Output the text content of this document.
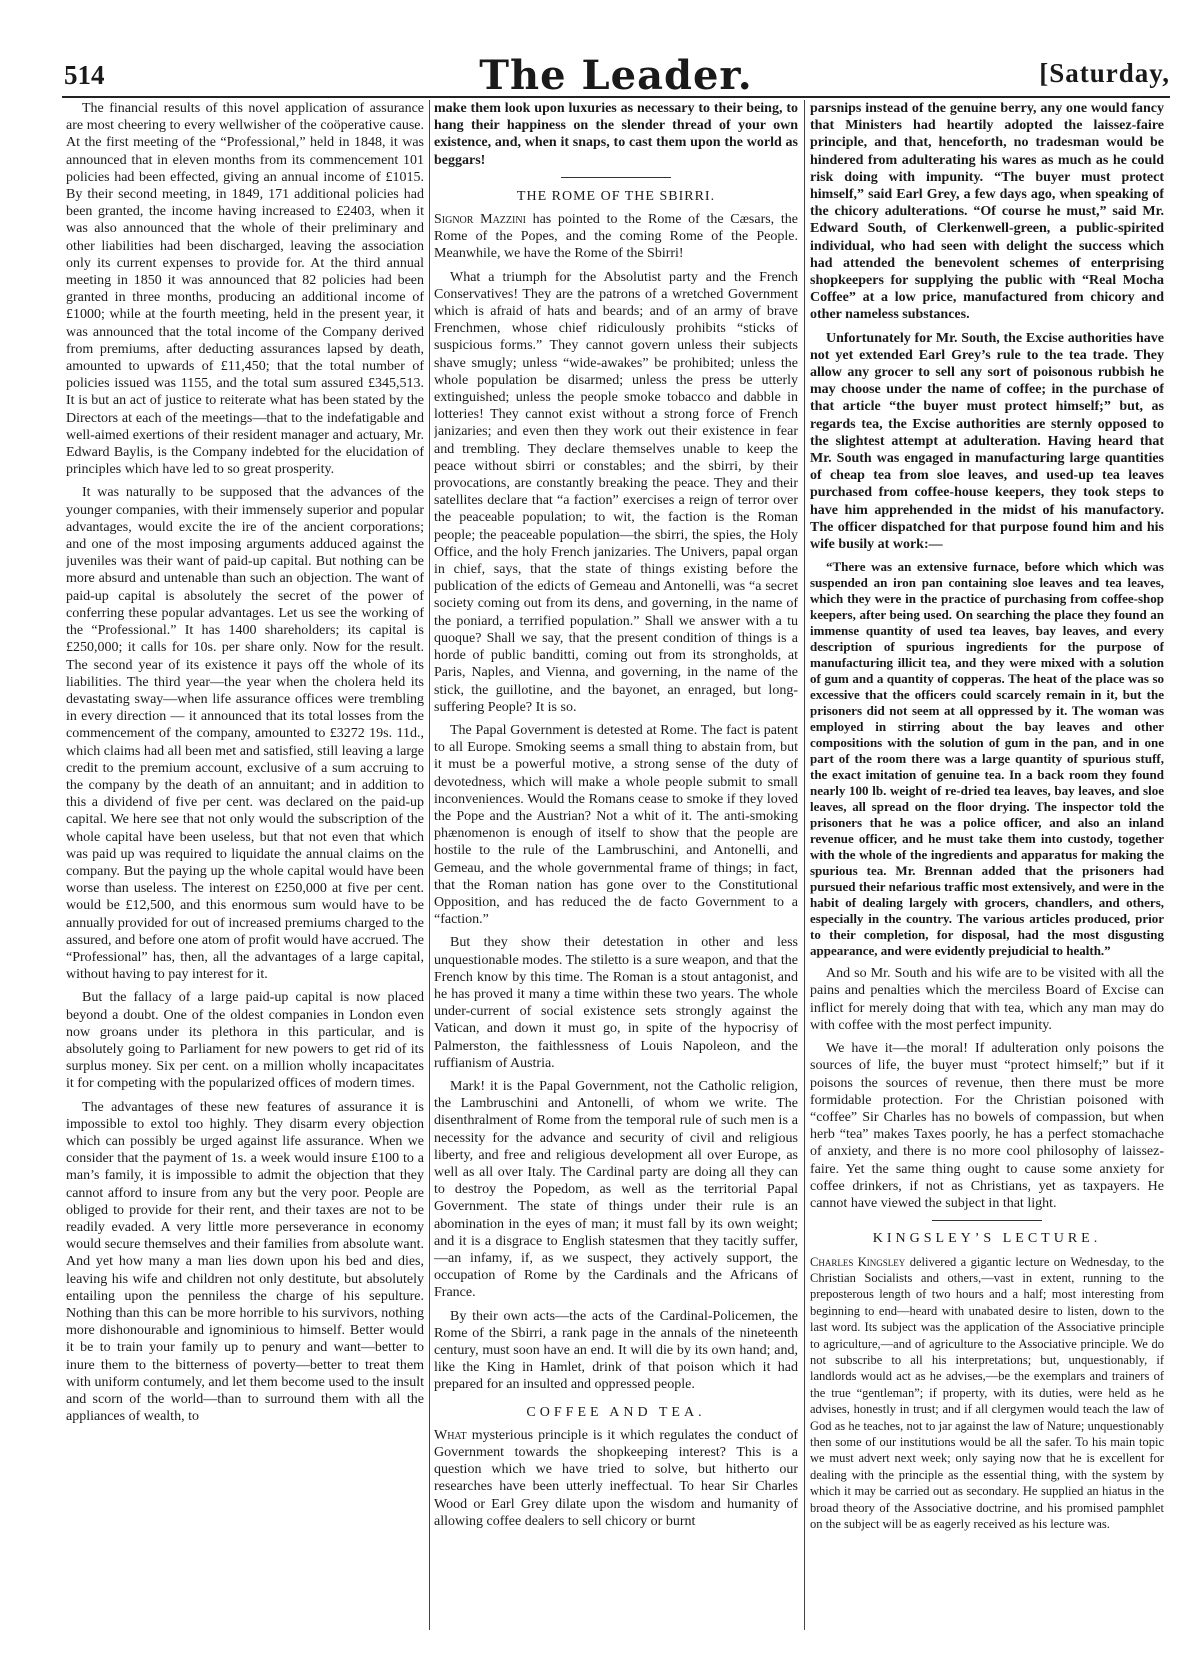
514	The Leader.	[Saturday,

The financial results of this novel application of assurance are most cheering to every wellwisher of the coöperative cause. At the first meeting of the “Professional,” held in 1848, it was announced that in eleven months from its commencement 101 policies had been effected, giving an annual income of £1015. By their second meeting, in 1849, 171 additional policies had been granted, the income having increased to £2403, when it was also announced that the whole of their preliminary and other liabilities had been discharged, leaving the association only its current expenses to provide for. At the third annual meeting in 1850 it was announced that 82 policies had been granted in three months, producing an additional income of £1000; while at the fourth meeting, held in the present year, it was announced that the total income of the Company derived from premiums, after deducting assurances lapsed by death, amounted to upwards of £11,450; that the total number of policies issued was 1155, and the total sum assured £345,513. It is but an act of justice to reiterate what has been stated by the Directors at each of the meetings—that to the indefatigable and well-aimed exertions of their resident manager and actuary, Mr. Edward Baylis, is the Company indebted for the elucidation of principles which have led to so great prosperity.

It was naturally to be supposed that the advances of the younger companies, with their immensely superior and popular advantages, would excite the ire of the ancient corporations; and one of the most imposing arguments adduced against the juveniles was their want of paid-up capital. But nothing can be more absurd and untenable than such an objection. The want of paid-up capital is absolutely the secret of the power of conferring these popular advantages. Let us see the working of the “Professional.” It has 1400 shareholders; its capital is £250,000; it calls for 10s. per share only. Now for the result. The second year of its existence it pays off the whole of its liabilities. The third year—the year when the cholera held its devastating sway—when life assurance offices were trembling in every direction — it announced that its total losses from the commencement of the company, amounted to £3272 19s. 11d., which claims had all been met and satisfied, still leaving a large credit to the premium account, exclusive of a sum accruing to the company by the death of an annuitant; and in addition to this a dividend of five per cent. was declared on the paid-up capital. We here see that not only would the subscription of the whole capital have been useless, but that not even that which was paid up was required to liquidate the annual claims on the company. But the paying up the whole capital would have been worse than useless. The interest on £250,000 at five per cent. would be £12,500, and this enormous sum would have to be annually provided for out of increased premiums charged to the assured, and before one atom of profit would have accrued. The “Professional” has, then, all the advantages of a large capital, without having to pay interest for it.

But the fallacy of a large paid-up capital is now placed beyond a doubt. One of the oldest companies in London even now groans under its plethora in this particular, and is absolutely going to Parliament for new powers to get rid of its surplus money. Six per cent. on a million wholly incapacitates it for competing with the popularized offices of modern times.

The advantages of these new features of assurance it is impossible to extol too highly. They disarm every objection which can possibly be urged against life assurance. When we consider that the payment of 1s. a week would insure £100 to a man’s family, it is impossible to admit the objection that they cannot afford to insure from any but the very poor. People are obliged to provide for their rent, and their taxes are not to be readily evaded. A very little more perseverance in economy would secure themselves and their families from absolute want. And yet how many a man lies down upon his bed and dies, leaving his wife and children not only destitute, but absolutely entailing upon the penniless the charge of his sepulture. Nothing than this can be more horrible to his survivors, nothing more dishonourable and ignominious to himself. Better would it be to train your family up to penury and want—better to inure them to the bitterness of poverty—better to treat them with uniform contumely, and let them become used to the insult and scorn of the world—than to surround them with all the appliances of wealth, to

make them look upon luxuries as necessary to their being, to hang their happiness on the slender thread of your own existence, and, when it snaps, to cast them upon the world as beggars!

THE ROME OF THE SBIRRI.

Signor Mazzini has pointed to the Rome of the Cæsars, the Rome of the Popes, and the coming Rome of the People. Meanwhile, we have the Rome of the Sbirri!

What a triumph for the Absolutist party and the French Conservatives! They are the patrons of a wretched Government which is afraid of hats and beards; and of an army of brave Frenchmen, whose chief ridiculously prohibits “sticks of suspicious forms.” They cannot govern unless their subjects shave smugly; unless “wide-awakes” be prohibited; unless the whole population be disarmed; unless the press be utterly extinguished; unless the people smoke tobacco and dabble in lotteries! They cannot exist without a strong force of French janizaries; and even then they work out their existence in fear and trembling. They declare themselves unable to keep the peace without sbirri or constables; and the sbirri, by their provocations, are constantly breaking the peace. They and their satellites declare that “a faction” exercises a reign of terror over the peaceable population; to wit, the faction is the Roman people; the peaceable population—the sbirri, the spies, the Holy Office, and the holy French janizaries. The Univers, papal organ in chief, says, that the state of things existing before the publication of the edicts of Gemeau and Antonelli, was “a secret society coming out from its dens, and governing, in the name of the poniard, a terrified population.” Shall we answer with a tu quoque? Shall we say, that the present condition of things is a horde of public banditti, coming out from its strongholds, at Paris, Naples, and Vienna, and governing, in the name of the stick, the guillotine, and the bayonet, an enraged, but long-suffering People? It is so.

The Papal Government is detested at Rome. The fact is patent to all Europe. Smoking seems a small thing to abstain from, but it must be a powerful motive, a strong sense of the duty of devotedness, which will make a whole people submit to small inconveniences. Would the Romans cease to smoke if they loved the Pope and the Austrian? Not a whit of it. The anti-smoking phænomenon is enough of itself to show that the people are hostile to the rule of the Lambruschini, and Antonelli, and Gemeau, and the whole governmental frame of things; in fact, that the Roman nation has gone over to the Constitutional Opposition, and has reduced the de facto Government to a “faction.”

But they show their detestation in other and less unquestionable modes. The stiletto is a sure weapon, and that the French know by this time. The Roman is a stout antagonist, and he has proved it many a time within these two years. The whole under-current of social existence sets strongly against the Vatican, and down it must go, in spite of the hypocrisy of Palmerston, the faithlessness of Louis Napoleon, and the ruffianism of Austria.

Mark! it is the Papal Government, not the Catholic religion, the Lambruschini and Antonelli, of whom we write. The disenthralment of Rome from the temporal rule of such men is a necessity for the advance and security of civil and religious liberty, and free and religious development all over Europe, as well as all over Italy. The Cardinal party are doing all they can to destroy the Popedom, as well as the territorial Papal Government. The state of things under their rule is an abomination in the eyes of man; it must fall by its own weight; and it is a disgrace to English statesmen that they tacitly suffer,—an infamy, if, as we suspect, they actively support, the occupation of Rome by the Cardinals and the Africans of France.

By their own acts—the acts of the Cardinal-Policemen, the Rome of the Sbirri, a rank page in the annals of the nineteenth century, must soon have an end. It will die by its own hand; and, like the King in Hamlet, drink of that poison which it had prepared for an insulted and oppressed people.

COFFEE AND TEA.

What mysterious principle is it which regulates the conduct of Government towards the shopkeeping interest? This is a question which we have tried to solve, but hitherto our researches have been utterly ineffectual. To hear Sir Charles Wood or Earl Grey dilate upon the wisdom and humanity of allowing coffee dealers to sell chicory or burnt

parsnips instead of the genuine berry, any one would fancy that Ministers had heartily adopted the laissez-faire principle, and that, henceforth, no tradesman would be hindered from adulterating his wares as much as he could risk doing with impunity. “The buyer must protect himself,” said Earl Grey, a few days ago, when speaking of the chicory adulterations. “Of course he must,” said Mr. Edward South, of Clerkenwell-green, a public-spirited individual, who had seen with delight the success which had attended the benevolent schemes of enterprising shopkeepers for supplying the public with “Real Mocha Coffee” at a low price, manufactured from chicory and other nameless substances.

Unfortunately for Mr. South, the Excise authorities have not yet extended Earl Grey’s rule to the tea trade. They allow any grocer to sell any sort of poisonous rubbish he may choose under the name of coffee; in the purchase of that article “the buyer must protect himself;” but, as regards tea, the Excise authorities are sternly opposed to the slightest attempt at adulteration. Having heard that Mr. South was engaged in manufacturing large quantities of cheap tea from sloe leaves, and used-up tea leaves purchased from coffee-house keepers, they took steps to have him apprehended in the midst of his manufactory. The officer dispatched for that purpose found him and his wife busily at work:—

“There was an extensive furnace, before which which was suspended an iron pan containing sloe leaves and tea leaves, which they were in the practice of purchasing from coffee-shop keepers, after being used. On searching the place they found an immense quantity of used tea leaves, bay leaves, and every description of spurious ingredients for the purpose of manufacturing illicit tea, and they were mixed with a solution of gum and a quantity of copperas. The heat of the place was so excessive that the officers could scarcely remain in it, but the prisoners did not seem at all oppressed by it. The woman was employed in stirring about the bay leaves and other compositions with the solution of gum in the pan, and in one part of the room there was a large quantity of spurious stuff, the exact imitation of genuine tea. In a back room they found nearly 100 lb. weight of re-dried tea leaves, bay leaves, and sloe leaves, all spread on the floor drying. The inspector told the prisoners that he was a police officer, and also an inland revenue officer, and he must take them into custody, together with the whole of the ingredients and apparatus for making the spurious tea. Mr. Brennan added that the prisoners had pursued their nefarious traffic most extensively, and were in the habit of dealing largely with grocers, chandlers, and others, especially in the country. The various articles produced, prior to their completion, for disposal, had the most disgusting appearance, and were evidently prejudicial to health.”

And so Mr. South and his wife are to be visited with all the pains and penalties which the merciless Board of Excise can inflict for merely doing that with tea, which any man may do with coffee with the most perfect impunity.

We have it—the moral! If adulteration only poisons the sources of life, the buyer must “protect himself;” but if it poisons the sources of revenue, then there must be more formidable protection. For the Christian poisoned with “coffee” Sir Charles has no bowels of compassion, but when herb “tea” makes Taxes poorly, he has a perfect stomachache of anxiety, and there is no more cool philosophy of laissez-faire. Yet the same thing ought to cause some anxiety for coffee drinkers, if not as Christians, yet as taxpayers. He cannot have viewed the subject in that light.

KINGSLEY’S LECTURE.

Charles Kingsley delivered a gigantic lecture on Wednesday, to the Christian Socialists and others,—vast in extent, running to the preposterous length of two hours and a half; most interesting from beginning to end—heard with unabated desire to listen, down to the last word. Its subject was the application of the Associative principle to agriculture,—and of agriculture to the Associative principle. We do not subscribe to all his interpretations; but, unquestionably, if landlords would act as he advises,—be the exemplars and trainers of the true “gentleman”; if property, with its duties, were held as he advises, honestly in trust; and if all clergymen would teach the law of God as he teaches, not to jar against the law of Nature; unquestionably then some of our institutions would be all the safer. To his main topic we must advert next week; only saying now that he is excellent for dealing with the principle as the essential thing, with the system by which it may be carried out as secondary. He supplied an hiatus in the broad theory of the Associative doctrine, and his promised pamphlet on the subject will be as eagerly received as his lecture was.
